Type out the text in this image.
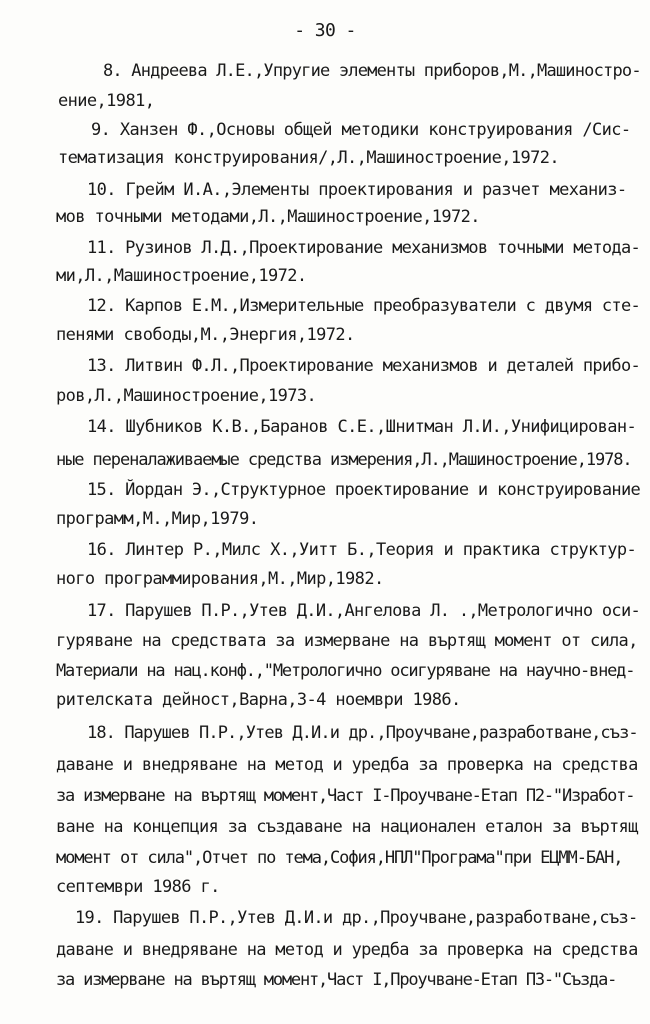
- 30 -
8. Андреева Л.Е.,Упругие элементы приборов,М.,Машиностро-
ение,1981,
9. Ханзен Ф.,Основы общей методики конструирования /Сис-
тематизация конструирования/,Л.,Машиностроение,1972.
10. Грейм И.А.,Элементы проектирования и разчет механиз-
мов точными методами,Л.,Машиностроение,1972.
11. Рузинов Л.Д.,Проектирование механизмов точными метода-
ми,Л.,Машиностроение,1972.
12. Карпов Е.М.,Измерительные преобразуватели с двумя сте-
пенями свободы,М.,Энергия,1972.
13. Литвин Ф.Л.,Проектирование механизмов и деталей прибо-
ров,Л.,Машиностроение,1973.
14. Шубников К.В.,Баранов С.Е.,Шнитман Л.И.,Унифицирован-
ные переналаживаемые средства измерения,Л.,Машиностроение,1978.
15. Йордан Э.,Структурное проектирование и конструирование
программ,М.,Мир,1979.
16. Линтер Р.,Милс Х.,Уитт Б.,Теория и практика структур-
ного программирования,М.,Мир,1982.
17. Парушев П.Р.,Утев Д.И.,Ангелова Л. .,Метрологично оси-
гуряване на средствата за измерване на въртящ момент от сила,
Материали на нац.конф.,"Метрологично осигуряване на научно-внед-
рителската дейност,Варна,3-4 ноември 1986.
18. Парушев П.Р.,Утев Д.И.и др.,Проучване,разработване,съз-
даване и внедряване на метод и уредба за проверка на средства
за измерване на въртящ момент,Част I-Проучване-Етап П2-"Изработ-
ване на концепция за създаване на национален еталон за въртящ
момент от сила",Отчет по тема,София,НПЛ"Програма"при ЕЦММ-БАН,
септември 1986 г.
19. Парушев П.Р.,Утев Д.И.и др.,Проучване,разработване,съз-
даване и внедряване на метод и уредба за проверка на средства
за измерване на въртящ момент,Част I,Проучване-Етап П3-"Създа-
